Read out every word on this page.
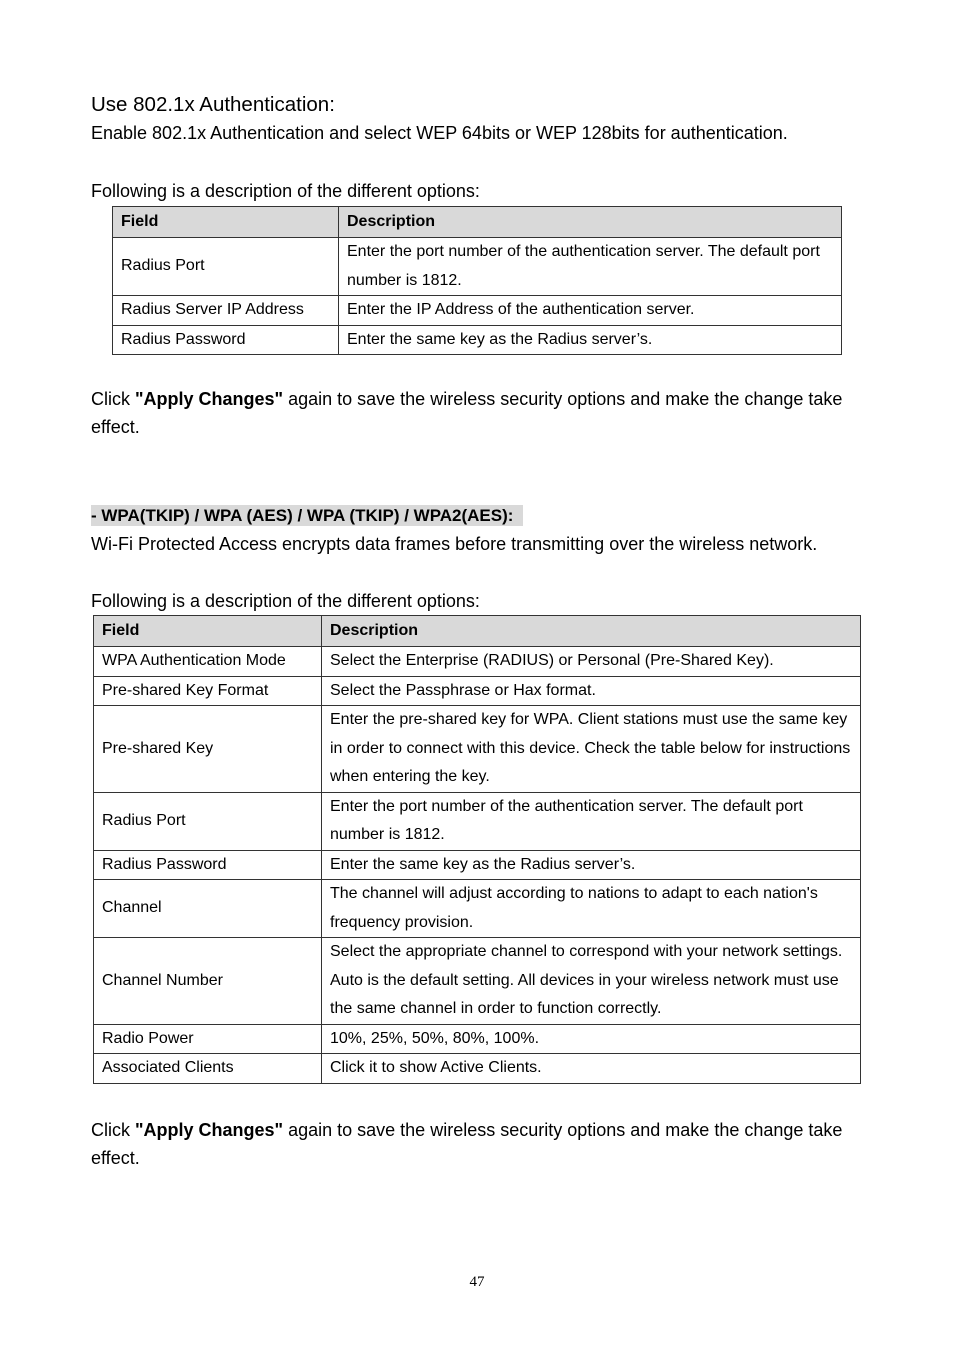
Use 802.1x Authentication:

Enable 802.1x Authentication and select WEP 64bits or WEP 128bits for authentication.

Following is a description of the different options:

Field	Description
Radius Port	Enter the port number of the authentication server. The default port number is 1812.
Radius Server IP Address	Enter the IP Address of the authentication server.
Radius Password	Enter the same key as the Radius server’s.

Click "Apply Changes" again to save the wireless security options and make the change take effect.

- WPA(TKIP) / WPA (AES) / WPA (TKIP) / WPA2(AES):

Wi-Fi Protected Access encrypts data frames before transmitting over the wireless network.

Following is a description of the different options:

Field	Description
WPA Authentication Mode	Select the Enterprise (RADIUS) or Personal (Pre-Shared Key).
Pre-shared Key Format	Select the Passphrase or Hax format.
Pre-shared Key	Enter the pre-shared key for WPA. Client stations must use the same key in order to connect with this device. Check the table below for instructions when entering the key.
Radius Port	Enter the port number of the authentication server. The default port number is 1812.
Radius Password	Enter the same key as the Radius server’s.
Channel	The channel will adjust according to nations to adapt to each nation's frequency provision.
Channel Number	Select the appropriate channel to correspond with your network settings. Auto is the default setting. All devices in your wireless network must use the same channel in order to function correctly.
Radio Power	10%, 25%, 50%, 80%, 100%.
Associated Clients	Click it to show Active Clients.

Click "Apply Changes" again to save the wireless security options and make the change take effect.

47
